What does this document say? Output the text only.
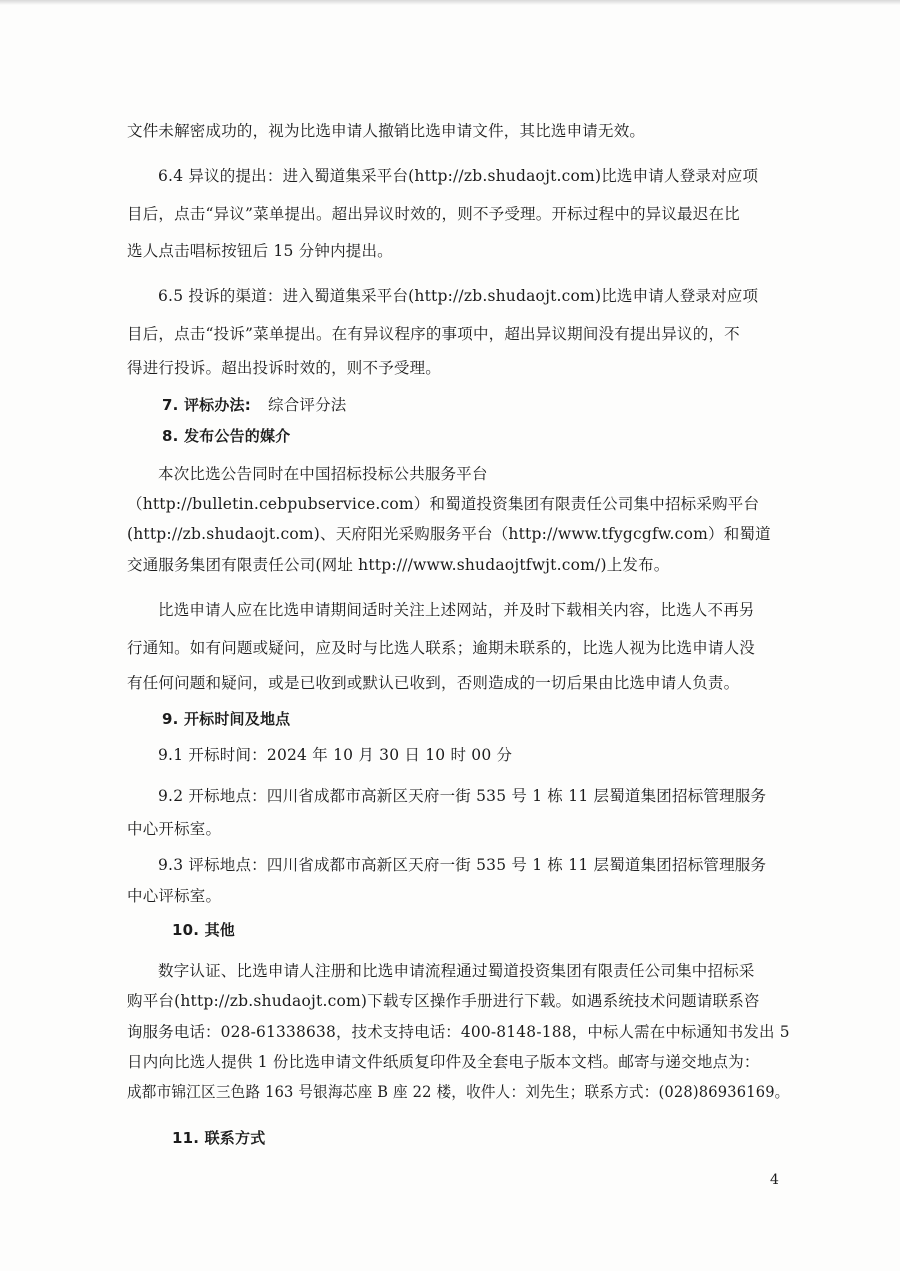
文件未解密成功的，视为比选申请人撤销比选申请文件，其比选申请无效。
6.4 异议的提出：进入蜀道集采平台(http://zb.shudaojt.com)比选申请人登录对应项
目后，点击“异议”菜单提出。超出异议时效的，则不予受理。开标过程中的异议最迟在比
选人点击唱标按钮后 15 分钟内提出。
6.5 投诉的渠道：进入蜀道集采平台(http://zb.shudaojt.com)比选申请人登录对应项
目后，点击“投诉”菜单提出。在有异议程序的事项中，超出异议期间没有提出异议的，不
得进行投诉。超出投诉时效的，则不予受理。
7. 评标办法: 综合评分法
8. 发布公告的媒介
本次比选公告同时在中国招标投标公共服务平台
（http://bulletin.cebpubservice.com）和蜀道投资集团有限责任公司集中招标采购平台
(http://zb.shudaojt.com)、天府阳光采购服务平台（http://www.tfygcgfw.com）和蜀道
交通服务集团有限责任公司(网址 http:///www.shudaojtfwjt.com/)上发布。
比选申请人应在比选申请期间适时关注上述网站，并及时下载相关内容，比选人不再另
行通知。如有问题或疑问，应及时与比选人联系；逾期未联系的，比选人视为比选申请人没
有任何问题和疑问，或是已收到或默认已收到，否则造成的一切后果由比选申请人负责。
9. 开标时间及地点
9.1 开标时间：2024 年 10 月 30 日 10 时 00 分
9.2 开标地点：四川省成都市高新区天府一街 535 号 1 栋 11 层蜀道集团招标管理服务
中心开标室。
9.3 评标地点：四川省成都市高新区天府一街 535 号 1 栋 11 层蜀道集团招标管理服务
中心评标室。
10. 其他
数字认证、比选申请人注册和比选申请流程通过蜀道投资集团有限责任公司集中招标采
购平台(http://zb.shudaojt.com)下载专区操作手册进行下载。如遇系统技术问题请联系咨
询服务电话：028-61338638，技术支持电话：400-8148-188，中标人需在中标通知书发出 5
日内向比选人提供 1 份比选申请文件纸质复印件及全套电子版本文档。邮寄与递交地点为：
成都市锦江区三色路 163 号银海芯座 B 座 22 楼，收件人：刘先生；联系方式：(028)86936169。
11. 联系方式
4
